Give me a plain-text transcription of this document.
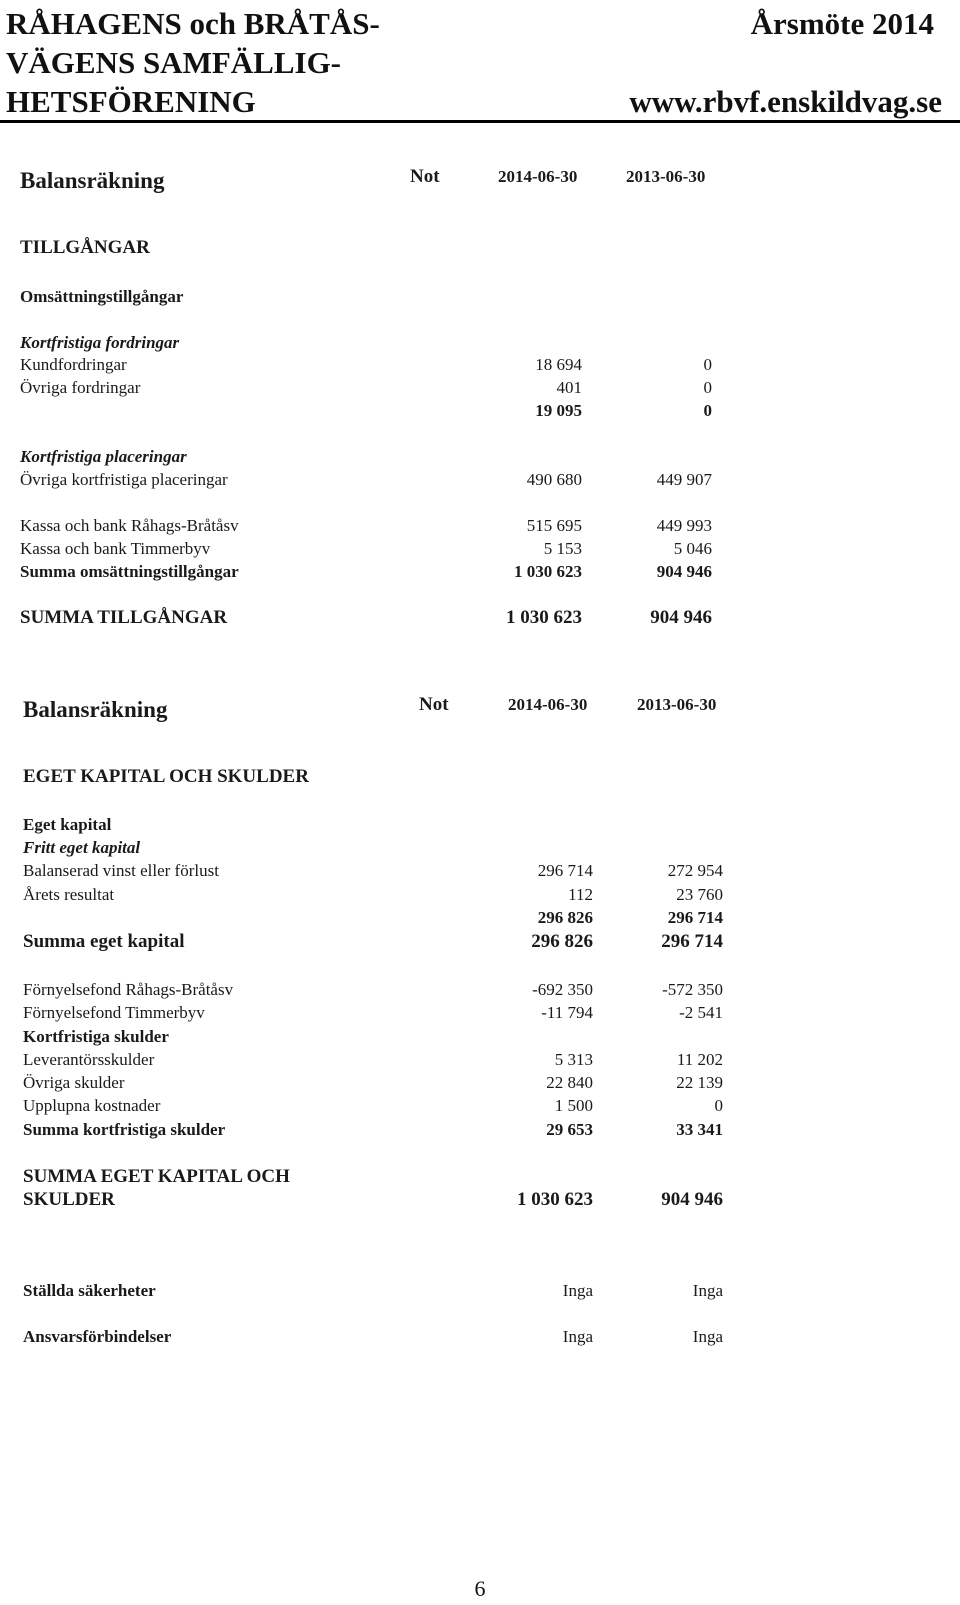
RÅHAGENS och BRÅTÅS-
VÄGENS SAMFÄLLIG-
HETSFÖRENING
Årsmöte 2014
www.rbvf.enskildvag.se
Balansräkning	Not	2014-06-30	2013-06-30
TILLGÅNGAR
Omsättningstillgångar
Kortfristiga fordringar
Kundfordringar	18 694	0
Övriga fordringar	401	0
19 095	0
Kortfristiga placeringar
Övriga kortfristiga placeringar	490 680	449 907
Kassa och bank Råhags-Bråtåsv	515 695	449 993
Kassa och bank Timmerbyv	5 153	5 046
Summa omsättningstillgångar	1 030 623	904 946
SUMMA TILLGÅNGAR	1 030 623	904 946
Balansräkning	Not	2014-06-30	2013-06-30
EGET KAPITAL OCH SKULDER
Eget kapital
Fritt eget kapital
Balanserad vinst eller förlust	296 714	272 954
Årets resultat	112	23 760
296 826	296 714
Summa eget kapital	296 826	296 714
Förnyelsefond Råhags-Bråtåsv	-692 350	-572 350
Förnyelsefond Timmerbyv	-11 794	-2 541
Kortfristiga skulder
Leverantörsskulder	5 313	11 202
Övriga skulder	22 840	22 139
Upplupna kostnader	1 500	0
Summa kortfristiga skulder	29 653	33 341
SUMMA EGET KAPITAL OCH
SKULDER	1 030 623	904 946
Ställda säkerheter	Inga	Inga
Ansvarsförbindelser	Inga	Inga
6
